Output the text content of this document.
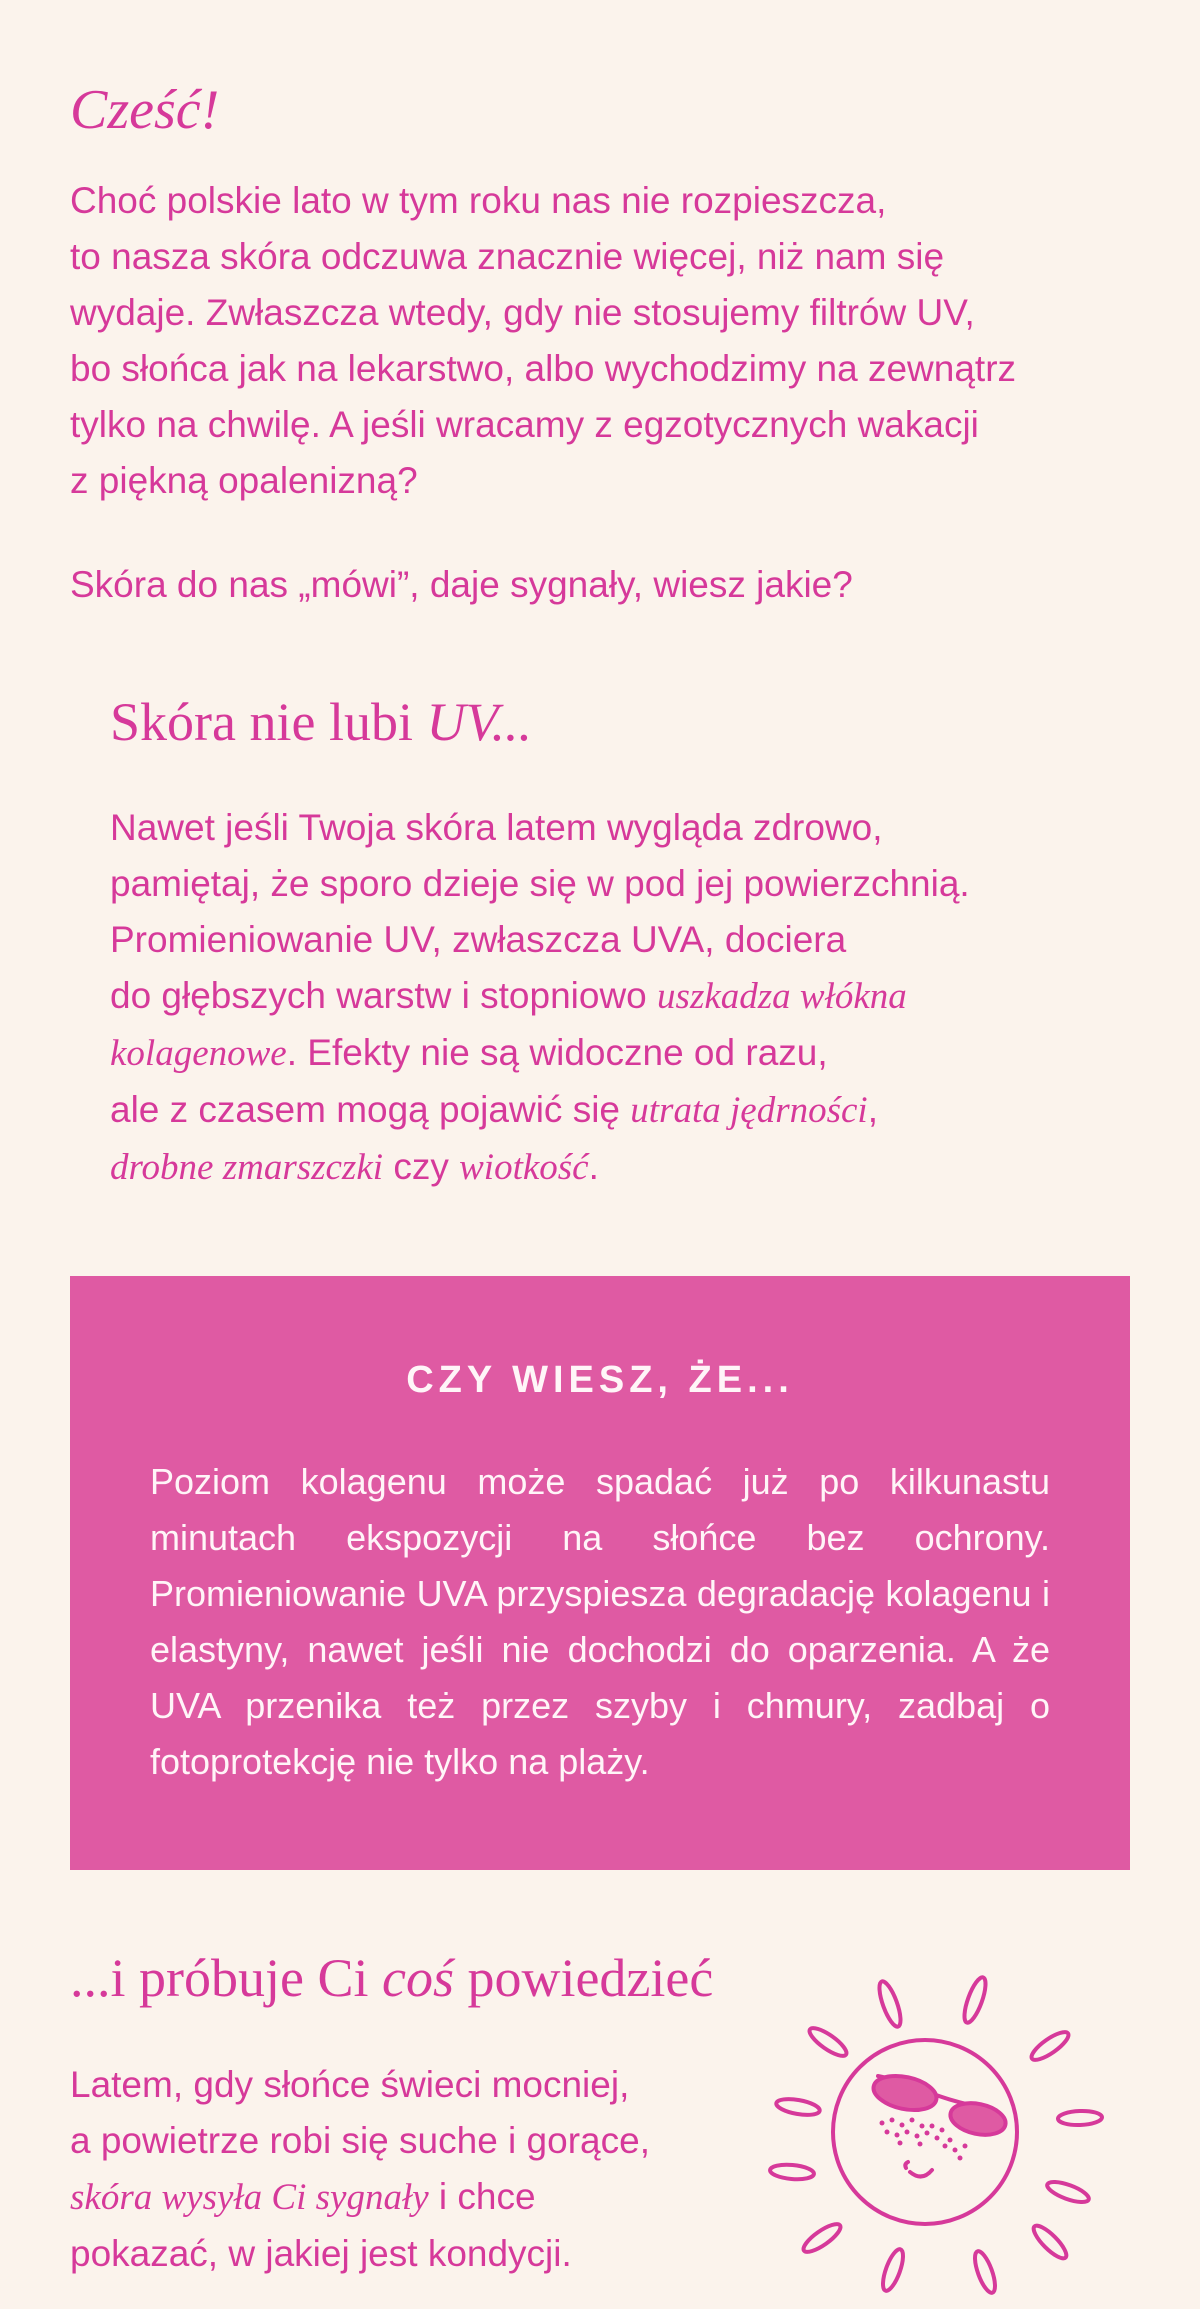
Cześć!

Choć polskie lato w tym roku nas nie rozpieszcza,
to nasza skóra odczuwa znacznie więcej, niż nam się
wydaje. Zwłaszcza wtedy, gdy nie stosujemy filtrów UV,
bo słońca jak na lekarstwo, albo wychodzimy na zewnątrz
tylko na chwilę. A jeśli wracamy z egzotycznych wakacji
z piękną opalenizną?

Skóra do nas „mówi”, daje sygnały, wiesz jakie?

Skóra nie lubi UV...

Nawet jeśli Twoja skóra latem wygląda zdrowo,
pamiętaj, że sporo dzieje się w pod jej powierzchnią.
Promieniowanie UV, zwłaszcza UVA, dociera
do głębszych warstw i stopniowo uszkadza włókna
kolagenowe. Efekty nie są widoczne od razu,
ale z czasem mogą pojawić się utrata jędrności,
drobne zmarszczki czy wiotkość.

CZY WIESZ, ŻE...

Poziom kolagenu może spadać już po kilkunastu minutach ekspozycji na słońce bez ochrony. Promieniowanie UVA przyspiesza degradację kolagenu i elastyny, nawet jeśli nie dochodzi do oparzenia. A że UVA przenika też przez szyby i chmury, zadbaj o fotoprotekcję nie tylko na plaży.

...i próbuje Ci coś powiedzieć

Latem, gdy słońce świeci mocniej,
a powietrze robi się suche i gorące,
skóra wysyła Ci sygnały i chce
pokazać, w jakiej jest kondycji.
